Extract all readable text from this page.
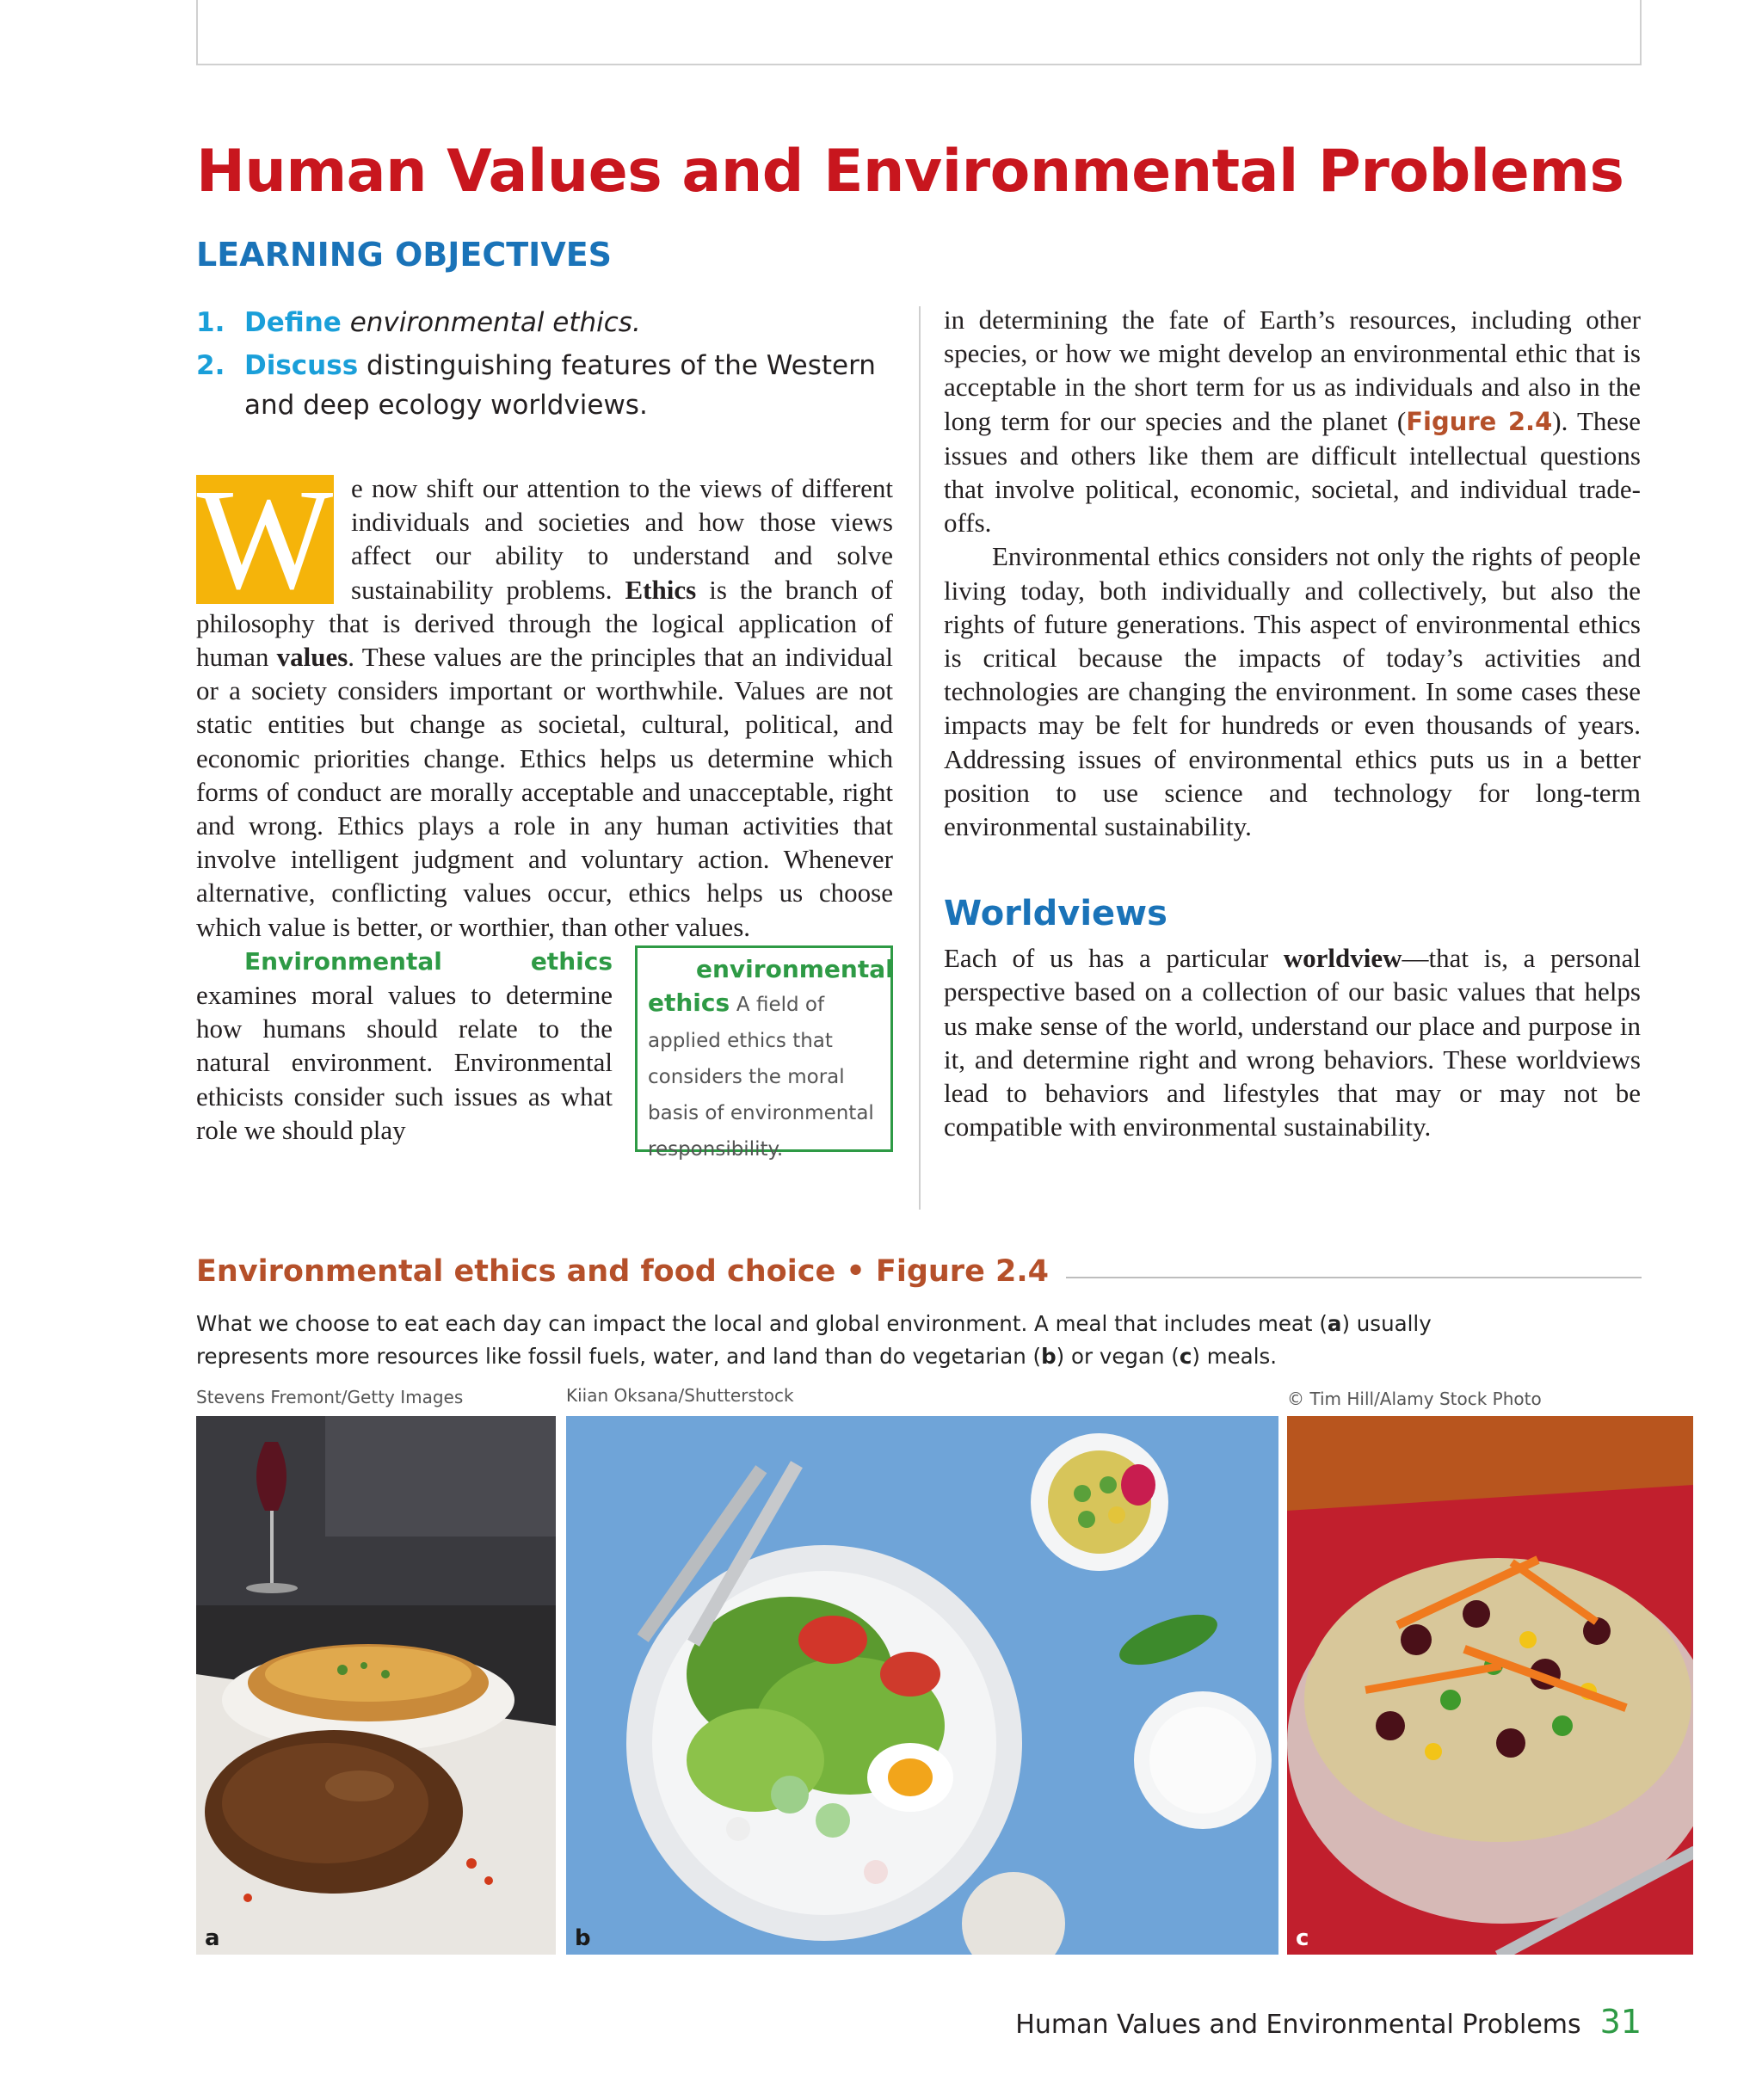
Human Values and Environmental Problems
LEARNING OBJECTIVES
1. Define environmental ethics.
2. Discuss distinguishing features of the Western and deep ecology worldviews.

W e now shift our attention to the views of different individuals and societies and how those views affect our ability to understand and solve sustainability problems. Ethics is the branch of philosophy that is derived through the logical application of human values. These values are the principles that an individual or a society considers important or worthwhile. Values are not static entities but change as societal, cultural, political, and economic priorities change. Ethics helps us determine which forms of conduct are morally acceptable and unacceptable, right and wrong. Ethics plays a role in any human activities that involve intelligent judgment and voluntary action. Whenever alternative, conflicting values occur, ethics helps us choose which value is better, or worthier, than other values.

environmental ethics A field of applied ethics that considers the moral basis of environmental responsibility.
Environmental ethics examines moral values to determine how humans should relate to the natural environment. Environmental ethicists consider such issues as what role we should play

in determining the fate of Earth’s resources, including other species, or how we might develop an environmental ethic that is acceptable in the short term for us as individuals and also in the long term for our species and the planet (Figure 2.4). These issues and others like them are difficult intellectual questions that involve political, economic, societal, and individual trade-offs.

Environmental ethics considers not only the rights of people living today, both individually and collectively, but also the rights of future generations. This aspect of environmental ethics is critical because the impacts of today’s activities and technologies are changing the environment. In some cases these impacts may be felt for hundreds or even thousands of years. Addressing issues of environmental ethics puts us in a better position to use science and technology for long-term environmental sustainability.

Worldviews

Each of us has a particular worldview—that is, a personal perspective based on a collection of our basic values that helps us make sense of the world, understand our place and purpose in it, and determine right and wrong behaviors. These worldviews lead to behaviors and lifestyles that may or may not be compatible with environmental sustainability.

Environmental ethics and food choice • Figure 2.4
What we choose to eat each day can impact the local and global environment. A meal that includes meat (a) usually represents more resources like fossil fuels, water, and land than do vegetarian (b) or vegan (c) meals.
Stevens Fremont/Getty Images	Kiian Oksana/Shutterstock	© Tim Hill/Alamy Stock Photo
a	b	c
Human Values and Environmental Problems 31
